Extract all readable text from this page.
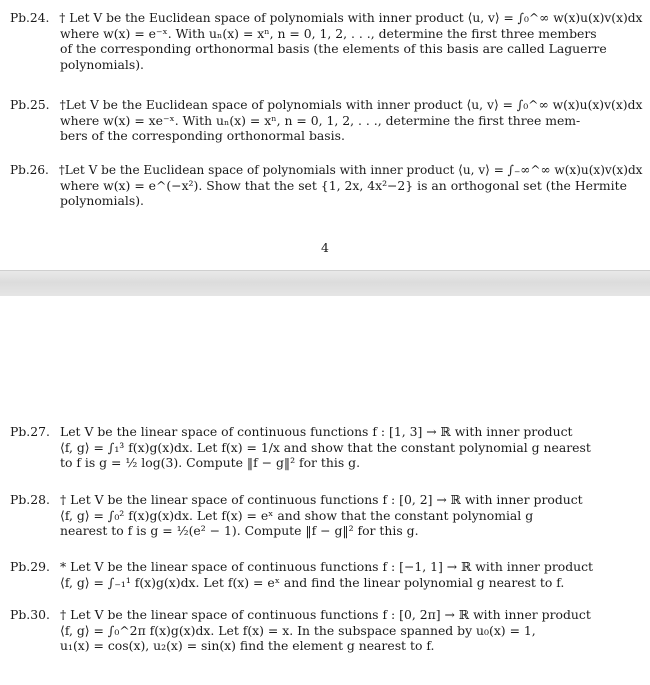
Pb.24. † Let V be the Euclidean space of polynomials with inner product ⟨u, v⟩ = ∫₀^∞ w(x)u(x)v(x)dx
where w(x) = e⁻ˣ. With uₙ(x) = xⁿ, n = 0, 1, 2, . . ., determine the first three members
of the corresponding orthonormal basis (the elements of this basis are called Laguerre
polynomials).
Pb.25. †Let V be the Euclidean space of polynomials with inner product ⟨u, v⟩ = ∫₀^∞ w(x)u(x)v(x)dx
where w(x) = xe⁻ˣ. With uₙ(x) = xⁿ, n = 0, 1, 2, . . ., determine the first three mem-
bers of the corresponding orthonormal basis.
Pb.26. †Let V be the Euclidean space of polynomials with inner product ⟨u, v⟩ = ∫₋∞^∞ w(x)u(x)v(x)dx
where w(x) = e^(−x²). Show that the set {1, 2x, 4x²−2} is an orthogonal set (the Hermite
polynomials).
4
Pb.27. Let V be the linear space of continuous functions f : [1, 3] → ℝ with inner product
⟨f, g⟩ = ∫₁³ f(x)g(x)dx. Let f(x) = 1/x and show that the constant polynomial g nearest
to f is g = ½ log(3). Compute ‖f − g‖² for this g.
Pb.28. † Let V be the linear space of continuous functions f : [0, 2] → ℝ with inner product
⟨f, g⟩ = ∫₀² f(x)g(x)dx. Let f(x) = eˣ and show that the constant polynomial g
nearest to f is g = ½(e² − 1). Compute ‖f − g‖² for this g.
Pb.29. * Let V be the linear space of continuous functions f : [−1, 1] → ℝ with inner product
⟨f, g⟩ = ∫₋₁¹ f(x)g(x)dx. Let f(x) = eˣ and find the linear polynomial g nearest to f.
Pb.30. † Let V be the linear space of continuous functions f : [0, 2π] → ℝ with inner product
⟨f, g⟩ = ∫₀^2π f(x)g(x)dx. Let f(x) = x. In the subspace spanned by u₀(x) = 1,
u₁(x) = cos(x), u₂(x) = sin(x) find the element g nearest to f.
